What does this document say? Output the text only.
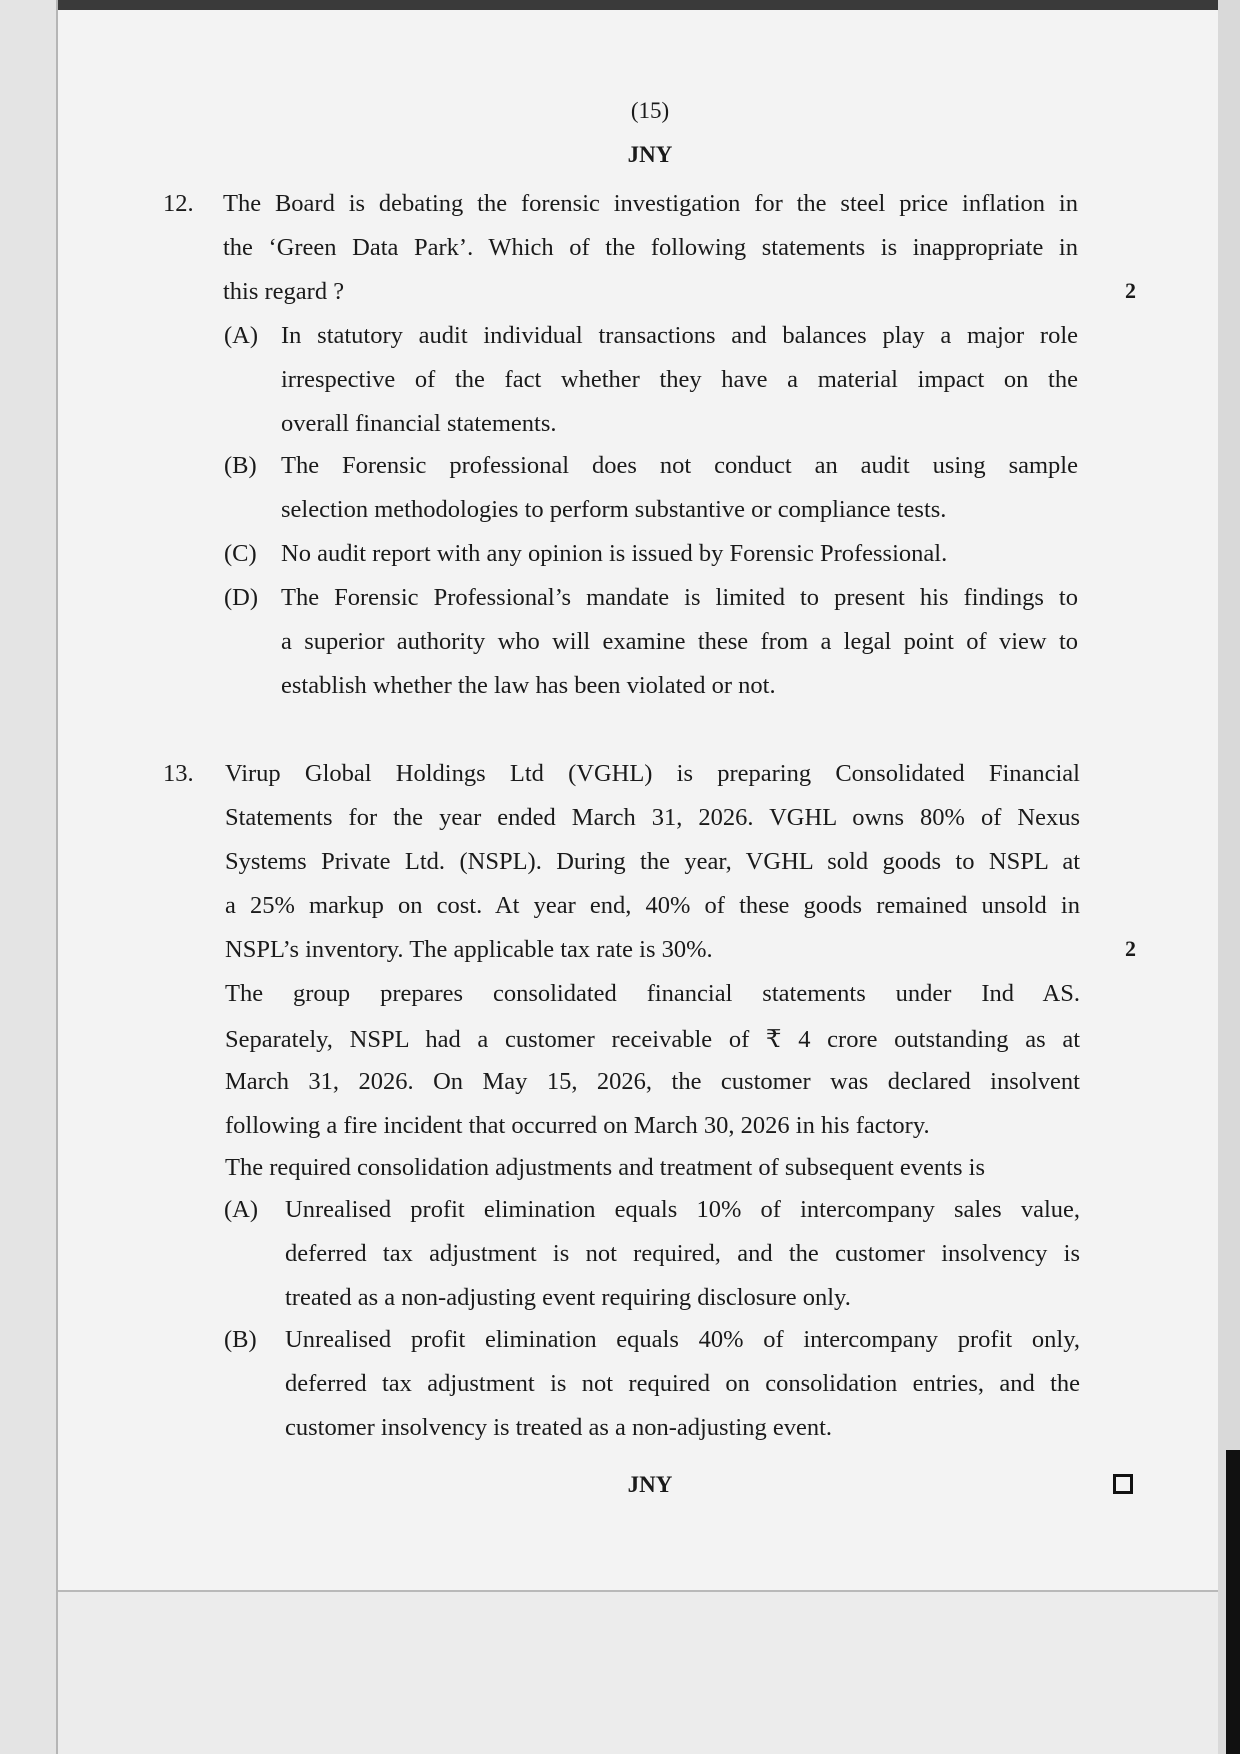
(15)
JNY
12. The Board is debating the forensic investigation for the steel price inflation in
the ‘Green Data Park’. Which of the following statements is inappropriate in
this regard ?	2
(A) In statutory audit individual transactions and balances play a major role
irrespective of the fact whether they have a material impact on the
overall financial statements.
(B) The Forensic professional does not conduct an audit using sample
selection methodologies to perform substantive or compliance tests.
(C) No audit report with any opinion is issued by Forensic Professional.
(D) The Forensic Professional’s mandate is limited to present his findings to
a superior authority who will examine these from a legal point of view to
establish whether the law has been violated or not.
13. Virup Global Holdings Ltd (VGHL) is preparing Consolidated Financial
Statements for the year ended March 31, 2026. VGHL owns 80% of Nexus
Systems Private Ltd. (NSPL). During the year, VGHL sold goods to NSPL at
a 25% markup on cost. At year end, 40% of these goods remained unsold in
NSPL’s inventory. The applicable tax rate is 30%.	2
The group prepares consolidated financial statements under Ind AS.
Separately, NSPL had a customer receivable of ₹ 4 crore outstanding as at
March 31, 2026. On May 15, 2026, the customer was declared insolvent
following a fire incident that occurred on March 30, 2026 in his factory.
The required consolidation adjustments and treatment of subsequent events is
(A) Unrealised profit elimination equals 10% of intercompany sales value,
deferred tax adjustment is not required, and the customer insolvency is
treated as a non-adjusting event requiring disclosure only.
(B) Unrealised profit elimination equals 40% of intercompany profit only,
deferred tax adjustment is not required on consolidation entries, and the
customer insolvency is treated as a non-adjusting event.
JNY
